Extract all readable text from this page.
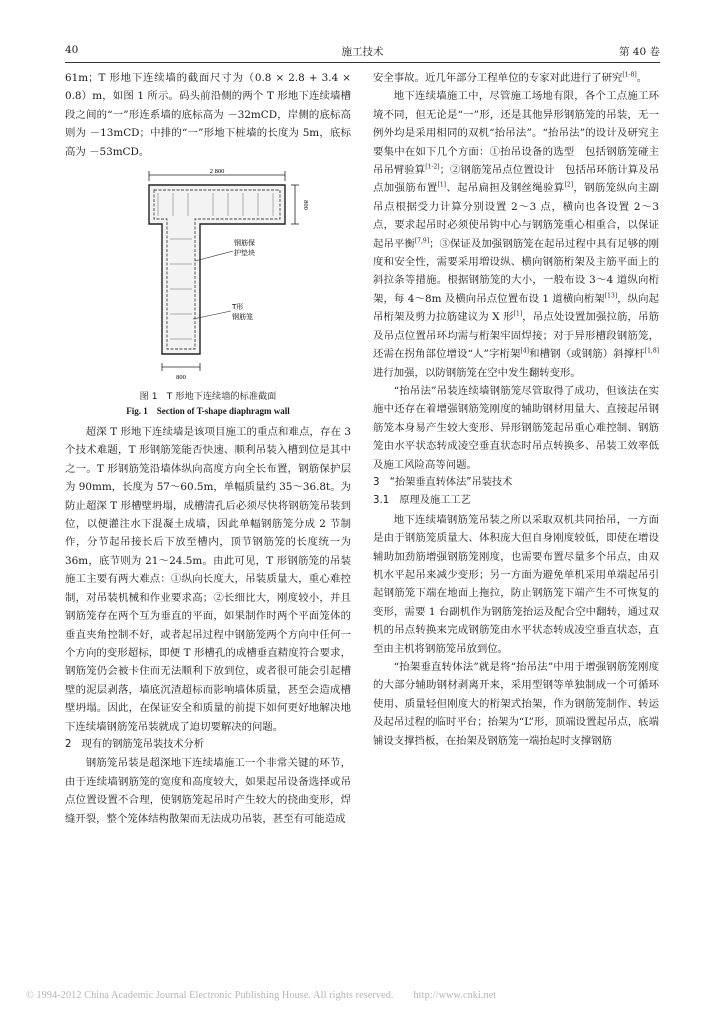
40	施工技术	第 40 卷

61m；T 形地下连续墙的截面尺寸为（0.8 × 2.8 + 3.4 × 0.8）m，如图 1 所示。码头前沿侧的两个 T 形地下连续墙槽段之间的“一”形连系墙的底标高为 －32mCD，岸侧的底标高则为 －13mCD；中排的“一”形地下桩墙的长度为 5m，底标高为 －53mCD。

2 800
800
钢筋保
护垫块
T形
钢筋笼
800

图 1　T 形地下连续墙的标准截面

Fig. 1　Section of T-shape diaphragm wall

超深 T 形地下连续墙是该项目施工的重点和难点，存在 3 个技术难题，T 形钢筋笼能否快速、顺利吊装入槽到位是其中之一。T 形钢筋笼沿墙体纵向高度方向全长布置，钢筋保护层为 90mm，长度为 57～60.5m，单幅质量约 35～36.8t。为防止超深 T 形槽壁坍塌，成槽清孔后必须尽快将钢筋笼吊装到位，以便灌注水下混凝土成墙，因此单幅钢筋笼分成 2 节制作，分节起吊接长后下放至槽内，顶节钢筋笼的长度统一为 36m，底节则为 21～24.5m。由此可见，T 形钢筋笼的吊装施工主要有两大难点：①纵向长度大，吊装质量大，重心难控制，对吊装机械和作业要求高；②长细比大，刚度较小，并且钢筋笼存在两个互为垂直的平面，如果制作时两个平面笼体的垂直夹角控制不好，或者起吊过程中钢筋笼两个方向中任何一个方向的变形超标，即便 T 形槽孔的成槽垂直精度符合要求，钢筋笼仍会被卡住而无法顺利下放到位，或者很可能会引起槽壁的泥层剥落，墙底沉渣超标而影响墙体质量，甚至会造成槽壁坍塌。因此，在保证安全和质量的前提下如何更好地解决地下连续墙钢筋笼吊装就成了迫切要解决的问题。

2　现有的钢筋笼吊装技术分析

钢筋笼吊装是超深地下连续墙施工一个非常关键的环节，由于连续墙钢筋笼的宽度和高度较大，如果起吊设备选择或吊点位置设置不合理，使钢筋笼起吊时产生较大的挠曲变形，焊缝开裂，整个笼体结构散架而无法成功吊装，甚至有可能造成

安全事故。近几年部分工程单位的专家对此进行了研究[1-8]。

地下连续墙施工中，尽管施工场地有限，各个工点施工环境不同，但无论是“一”形，还是其他异形钢筋笼的吊装，无一例外均是采用相同的双机“抬吊法”。“抬吊法”的设计及研究主要集中在如下几个方面：①抬吊设备的选型　包括钢筋笼碰主吊吊臂验算[1-2]；②钢筋笼吊点位置设计　包括吊环筋计算及吊点加强筋布置[1]、起吊扁担及钢丝绳验算[2]，钢筋笼纵向主副吊点根据受力计算分别设置 2～3 点，横向也各设置 2～3 点，要求起吊时必须使吊钩中心与钢筋笼重心相重合，以保证起吊平衡[7,9]；③保证及加强钢筋笼在起吊过程中具有足够的刚度和安全性，需要采用増设纵、横向钢筋桁架及主筋平面上的斜拉条等措施。根据钢筋笼的大小，一般布设 3～4 道纵向桁架，每 4～8m 及横向吊点位置布设 1 道横向桁架[13]，纵向起吊桁架及剪力拉筋建议为 X 形[1]，吊点处设置加强拉筋，吊筋及吊点位置吊环均需与桁架牢固焊接；对于异形槽段钢筋笼，还需在拐角部位增设“人”字桁架[4]和槽钢（或钢筋）斜撑杆[1,8]进行加强，以防钢筋笼在空中发生翻转变形。

“抬吊法”吊装连续墙钢筋笼尽管取得了成功，但该法在实施中还存在着增强钢筋笼刚度的辅助钢材用量大、直接起吊钢筋笼本身易产生较大变形、异形钢筋笼起吊重心难控制、钢筋笼由水平状态转成凌空垂直状态时吊点转换多、吊装工效率低及施工风险高等问题。

3　“抬架垂直转体法”吊装技术

3.1　原理及施工工艺

地下连续墙钢筋笼吊装之所以采取双机共同抬吊，一方面是由于钢筋笼质量大、体积庞大但自身刚度较低，即使在增设辅助加劲筋增强钢筋笼刚度，也需要布置尽量多个吊点，由双机水平起吊来减少变形；另一方面为避免单机采用单端起吊引起钢筋笼下端在地面上拖拉，防止钢筋笼下端产生不可恢复的变形，需要 1 台副机作为钢筋笼抬运及配合空中翻转，通过双机的吊点转换来完成钢筋笼由水平状态转成凌空垂直状态，直至由主机将钢筋笼吊放到位。

“抬架垂直转体法”就是将“抬吊法”中用于增强钢筋笼刚度的大部分辅助钢材剥离开来，采用型钢等单独制成一个可循环使用、质量轻但刚度大的桁架式抬架，作为钢筋笼制作、转运及起吊过程的临时平台；抬架为“L”形，顶端设置起吊点，底端铺设支撑挡板，在抬架及钢筋笼一端抬起时支撑钢筋

© 1994-2012 China Academic Journal Electronic Publishing House. All rights reserved. http://www.cnki.net
